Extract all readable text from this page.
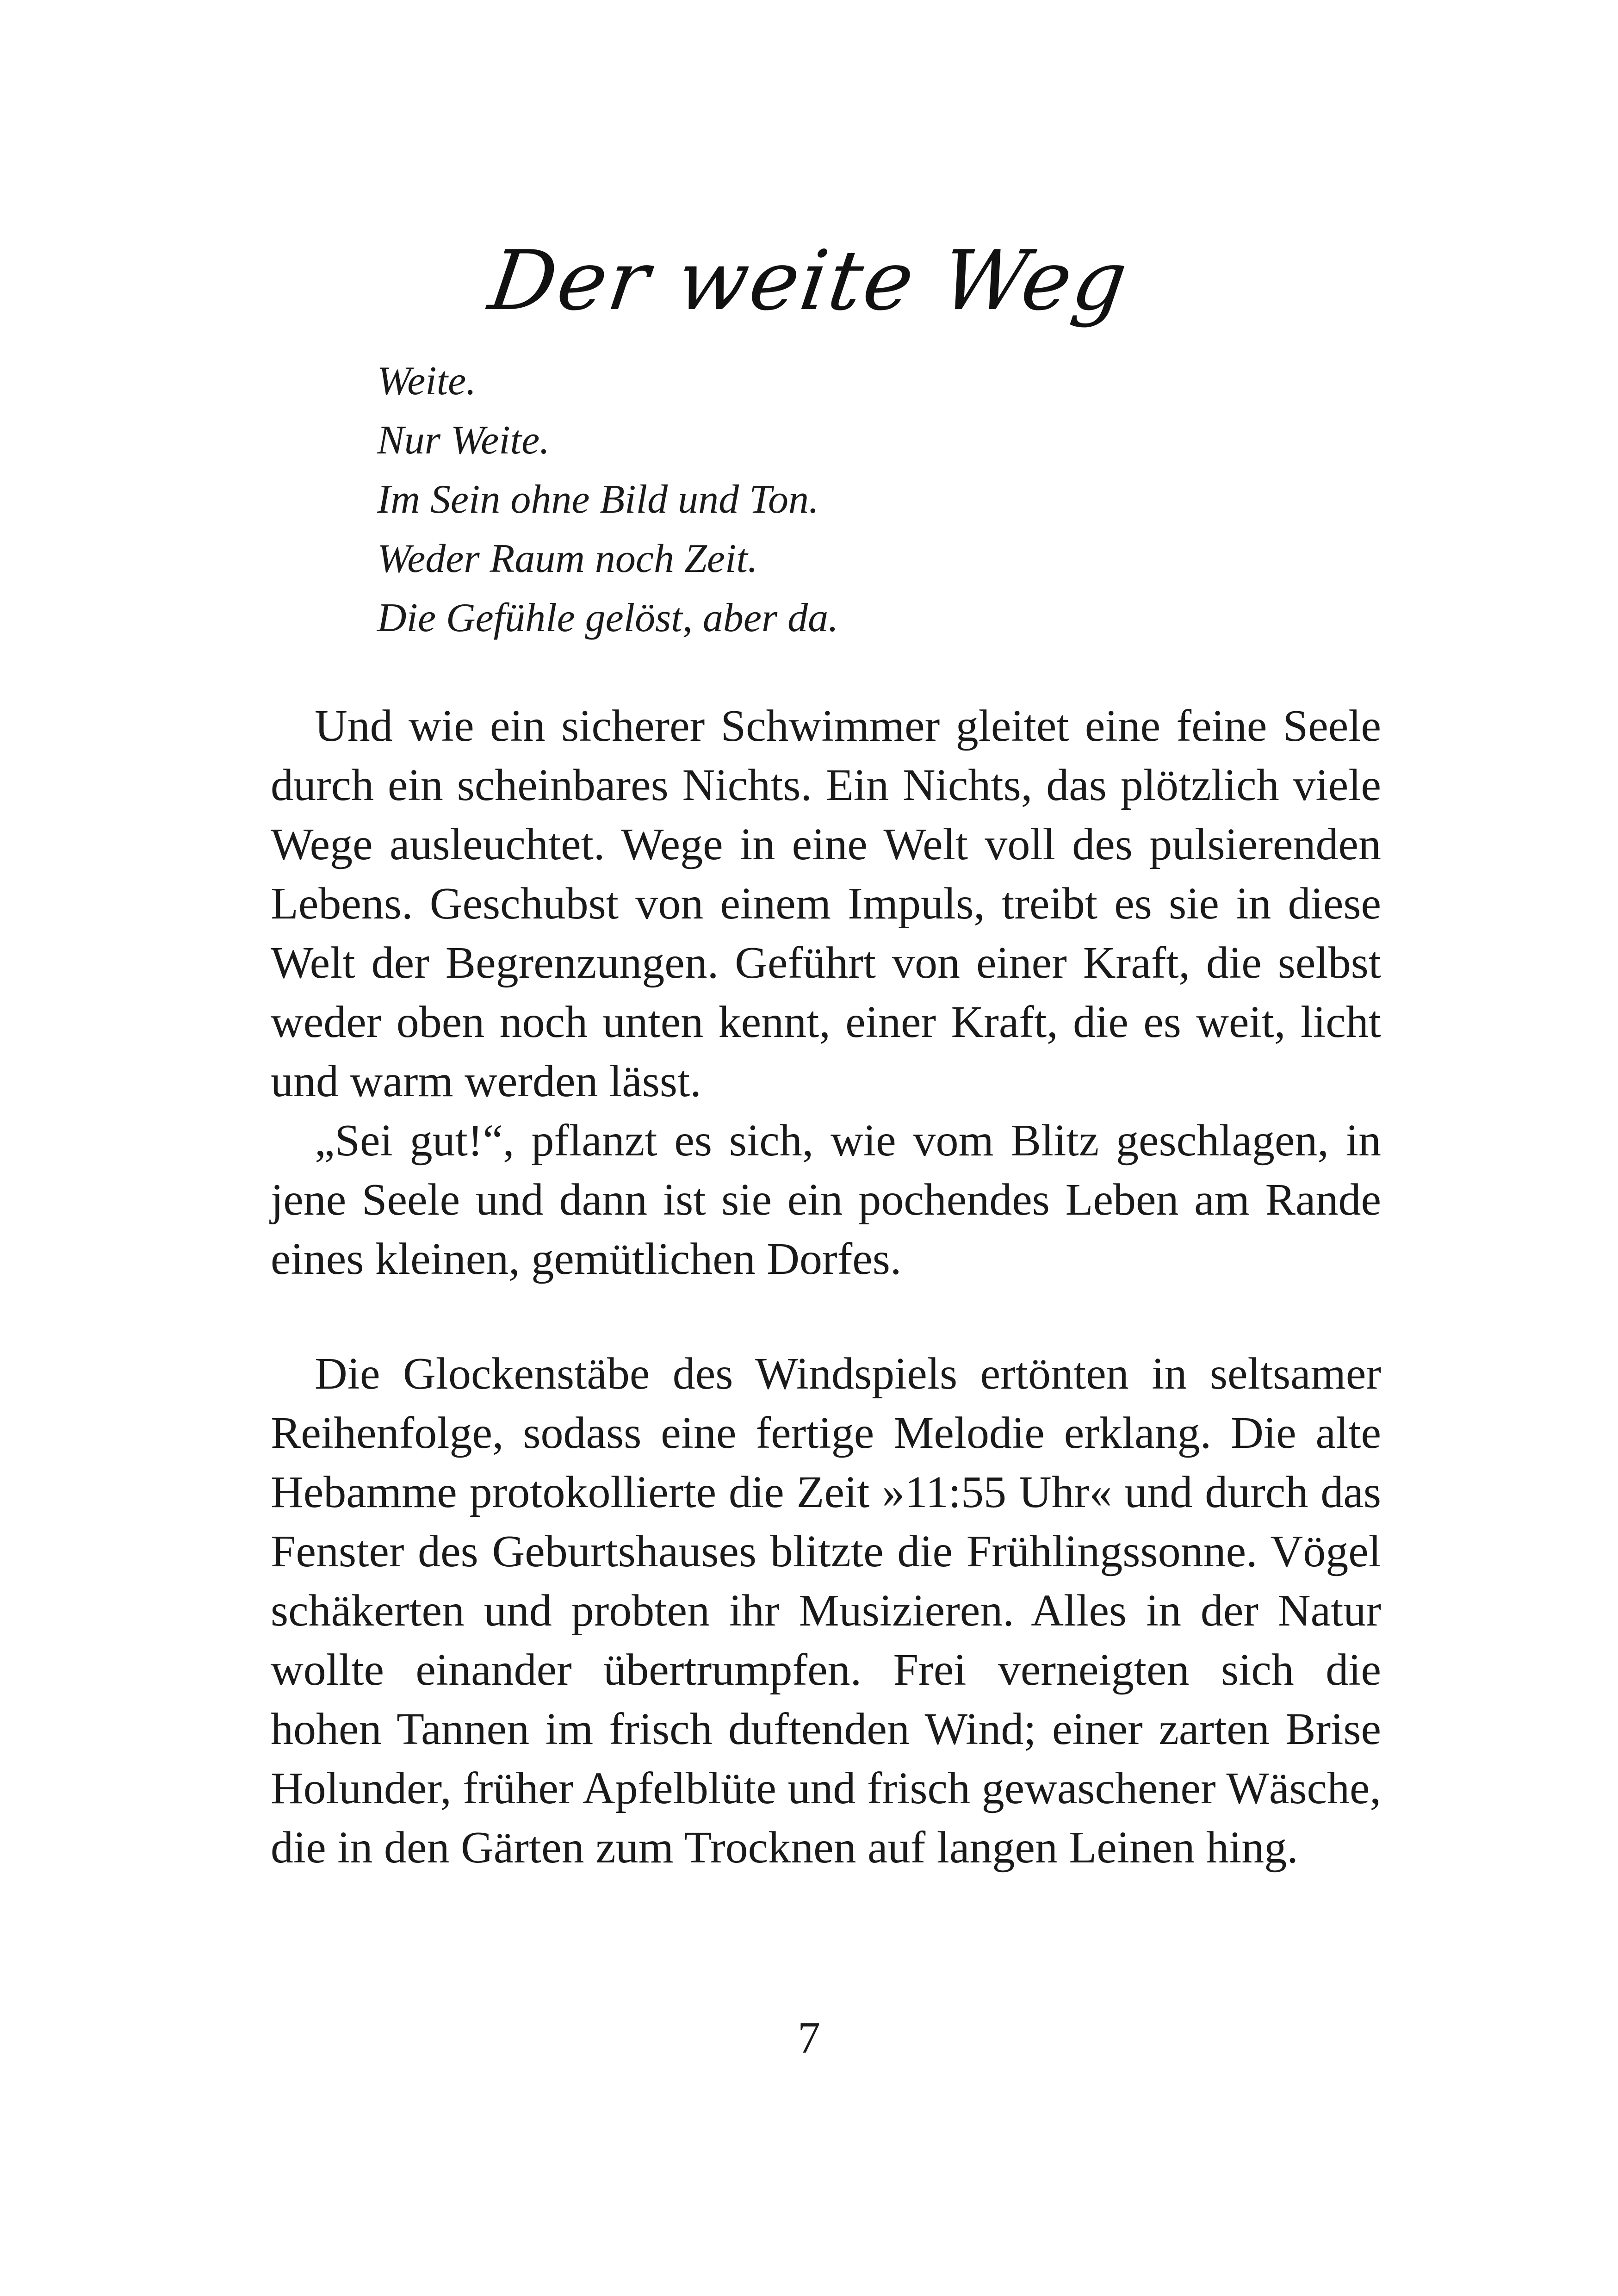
Der weite Weg
Weite.
Nur Weite.
Im Sein ohne Bild und Ton.
Weder Raum noch Zeit.
Die Gefühle gelöst, aber da.

Und wie ein sicherer Schwimmer gleitet eine feine Seele durch ein scheinbares Nichts. Ein Nichts, das plötzlich viele Wege ausleuchtet. Wege in eine Welt voll des pulsierenden Lebens. Geschubst von einem Impuls, treibt es sie in diese Welt der Begrenzungen. Geführt von einer Kraft, die selbst weder oben noch unten kennt, einer Kraft, die es weit, licht und warm werden lässt.

„Sei gut!“, pflanzt es sich, wie vom Blitz geschlagen, in jene Seele und dann ist sie ein pochendes Leben am Rande eines kleinen, gemütlichen Dorfes.

Die Glockenstäbe des Windspiels ertönten in seltsamer Reihenfolge, sodass eine fertige Melodie erklang. Die alte Hebamme protokollierte die Zeit »11:55 Uhr« und durch das Fenster des Geburtshauses blitzte die Frühlingssonne. Vögel schäkerten und probten ihr Musizieren. Alles in der Natur wollte einander übertrumpfen. Frei verneigten sich die hohen Tannen im frisch duftenden Wind; einer zarten Brise Holunder, früher Apfelblüte und frisch gewaschener Wäsche, die in den Gärten zum Trocknen auf langen Leinen hing.

7
